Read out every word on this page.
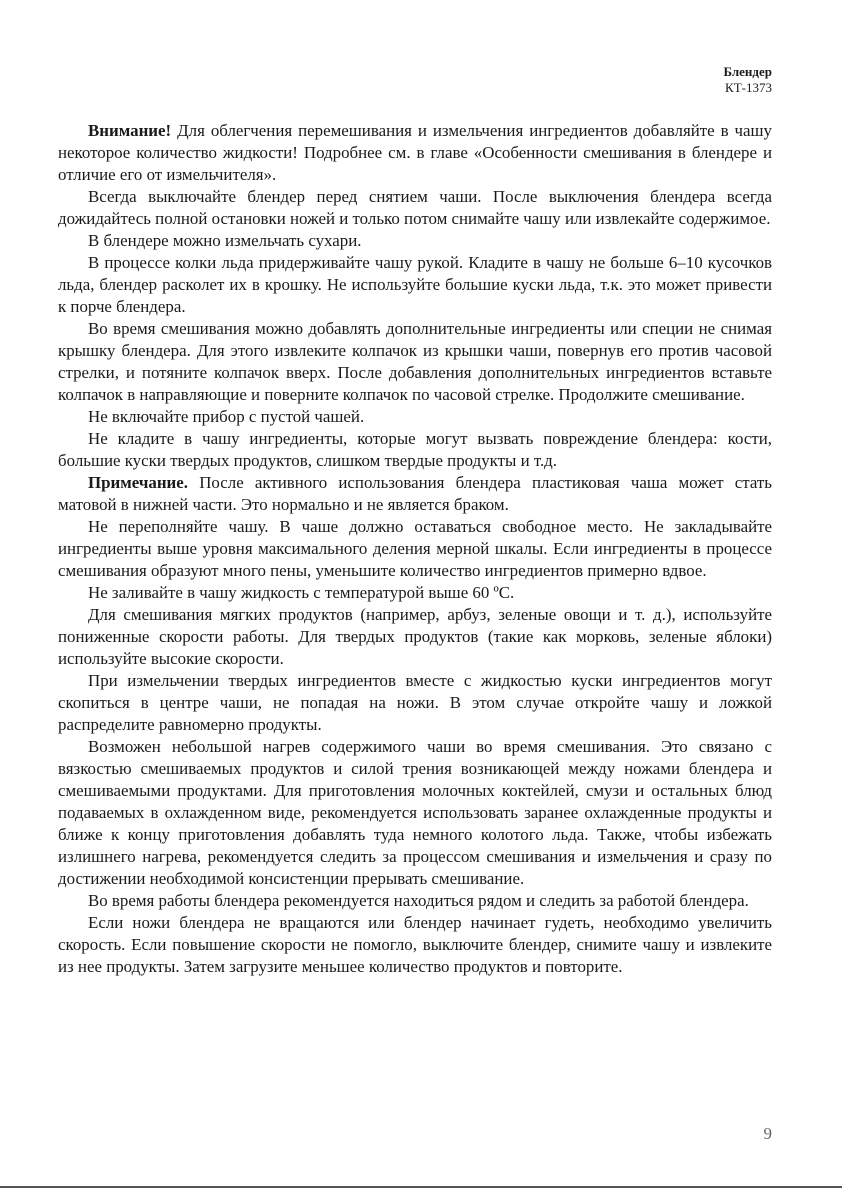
Блендер
КТ-1373

Внимание! Для облегчения перемешивания и измельчения ингредиентов добавляйте в чашу некоторое количество жидкости! Подробнее см. в главе «Особенности смешивания в блендере и отличие его от измельчителя».

Всегда выключайте блендер перед снятием чаши. После выключения блендера всегда дожидайтесь полной остановки ножей и только потом снимайте чашу или извлекайте содержимое.

В блендере можно измельчать сухари.

В процессе колки льда придерживайте чашу рукой. Кладите в чашу не больше 6–10 кусочков льда, блендер расколет их в крошку. Не используйте большие куски льда, т.к. это может привести к порче блендера.

Во время смешивания можно добавлять дополнительные ингредиенты или специи не снимая крышку блендера. Для этого извлеките колпачок из крышки чаши, повернув его против часовой стрелки, и потяните колпачок вверх. После добавления дополнительных ингредиентов вставьте колпачок в направляющие и поверните колпачок по часовой стрелке. Продолжите смешивание.

Не включайте прибор с пустой чашей.

Не кладите в чашу ингредиенты, которые могут вызвать повреждение блендера: кости, большие куски твердых продуктов, слишком твердые продукты и т.д.

Примечание. После активного использования блендера пластиковая чаша может стать матовой в нижней части. Это нормально и не является браком.

Не переполняйте чашу. В чаше должно оставаться свободное место. Не закладывайте ингредиенты выше уровня максимального деления мерной шкалы. Если ингредиенты в процессе смешивания образуют много пены, уменьшите количество ингредиентов примерно вдвое.

Не заливайте в чашу жидкость с температурой выше 60 ºС.

Для смешивания мягких продуктов (например, арбуз, зеленые овощи и т. д.), используйте пониженные скорости работы. Для твердых продуктов (такие как морковь, зеленые яблоки) используйте высокие скорости.

При измельчении твердых ингредиентов вместе с жидкостью куски ингредиентов могут скопиться в центре чаши, не попадая на ножи. В этом случае откройте чашу и ложкой распределите равномерно продукты.

Возможен небольшой нагрев содержимого чаши во время смешивания. Это связано с вязкостью смешиваемых продуктов и силой трения возникающей между ножами блендера и смешиваемыми продуктами. Для приготовления молочных коктейлей, смузи и остальных блюд подаваемых в охлажденном виде, рекомендуется использовать заранее охлажденные продукты и ближе к концу приготовления добавлять туда немного колотого льда. Также, чтобы избежать излишнего нагрева, рекомендуется следить за процессом смешивания и измельчения и сразу по достижении необходимой консистенции прерывать смешивание.

Во время работы блендера рекомендуется находиться рядом и следить за работой блендера.

Если ножи блендера не вращаются или блендер начинает гудеть, необходимо увеличить скорость. Если повышение скорости не помогло, выключите блендер, снимите чашу и извлеките из нее продукты. Затем загрузите меньшее количество продуктов и повторите.

9
